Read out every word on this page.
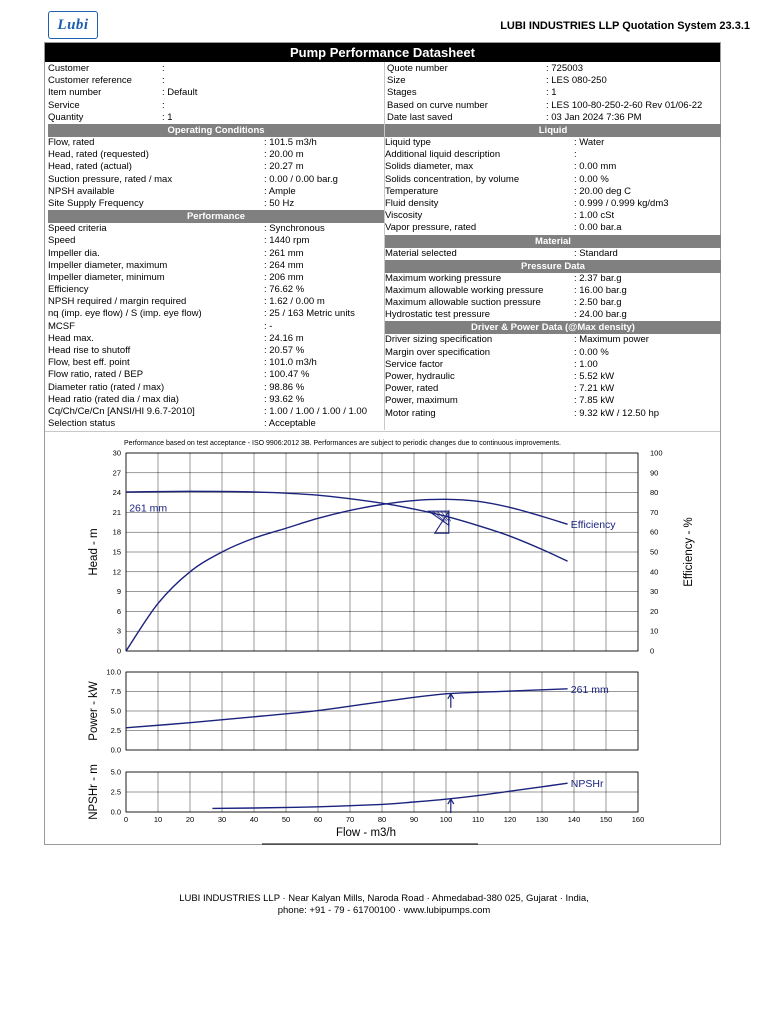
Lubi	LUBI INDUSTRIES LLP Quotation System 23.3.1
Pump Performance Datasheet
Customer	:
Customer reference	:
Item number	: Default
Service	:
Quantity	: 1
Quote number	: 725003
Size	: LES 080-250
Stages	: 1
Based on curve number	: LES 100-80-250-2-60 Rev 01/06-22
Date last saved	: 03 Jan 2024 7:36 PM
Operating Conditions
Flow, rated	: 101.5 m3/h
Head, rated (requested)	: 20.00 m
Head, rated (actual)	: 20.27 m
Suction pressure, rated / max	: 0.00 / 0.00 bar.g
NPSH available	: Ample
Site Supply Frequency	: 50 Hz
Performance
Speed criteria	: Synchronous
Speed	: 1440 rpm
Impeller dia.	: 261 mm
Impeller diameter, maximum	: 264 mm
Impeller diameter, minimum	: 206 mm
Efficiency	: 76.62 %
NPSH required / margin required	: 1.62 / 0.00 m
nq (imp. eye flow) / S (imp. eye flow)	: 25 / 163 Metric units
MCSF	: -
Head max.	: 24.16 m
Head rise to shutoff	: 20.57 %
Flow, best eff. point	: 101.0 m3/h
Flow ratio, rated / BEP	: 100.47 %
Diameter ratio (rated / max)	: 98.86 %
Head ratio (rated dia / max dia)	: 93.62 %
Cq/Ch/Ce/Cn [ANSI/HI 9.6.7-2010]	: 1.00 / 1.00 / 1.00 / 1.00
Selection status	: Acceptable
Liquid
Liquid type	: Water
Additional liquid description	:
Solids diameter, max	: 0.00 mm
Solids concentration, by volume	: 0.00 %
Temperature	: 20.00 deg C
Fluid density	: 0.999 / 0.999 kg/dm3
Viscosity	: 1.00 cSt
Vapor pressure, rated	: 0.00 bar.a
Material
Material selected	: Standard
Pressure Data
Maximum working pressure	: 2.37 bar.g
Maximum allowable working pressure	: 16.00 bar.g
Maximum allowable suction pressure	: 2.50 bar.g
Hydrostatic test pressure	: 24.00 bar.g
Driver & Power Data (@Max density)
Driver sizing specification	: Maximum power
Margin over specification	: 0.00 %
Service factor	: 1.00
Power, hydraulic	: 5.52 kW
Power, rated	: 7.21 kW
Power, maximum	: 7.85 kW
Motor rating	: 9.32 kW / 12.50 hp
Performance based on test acceptance - ISO 9906:2012 3B. Performances are subject to periodic changes due to continuous improvements.
0
3
6
9
12
15
18
21
24
27
30
0
10
20
30
40
50
60
70
80
90
100
Efficiency - %
Head - m
261 mm
Efficiency
0.0
2.5
5.0
7.5
10.0
Power - kW	261 mm
0	10	20	30	40	50	60	70	80	90	100	110	120	130	140	150	160
0.0
2.5
5.0
NPSHr - m
Flow - m3/h
NPSHr
LUBI INDUSTRIES LLP · Near Kalyan Mills, Naroda Road · Ahmedabad-380 025, Gujarat · India,
phone: +91 - 79 - 61700100 · www.lubipumps.com
